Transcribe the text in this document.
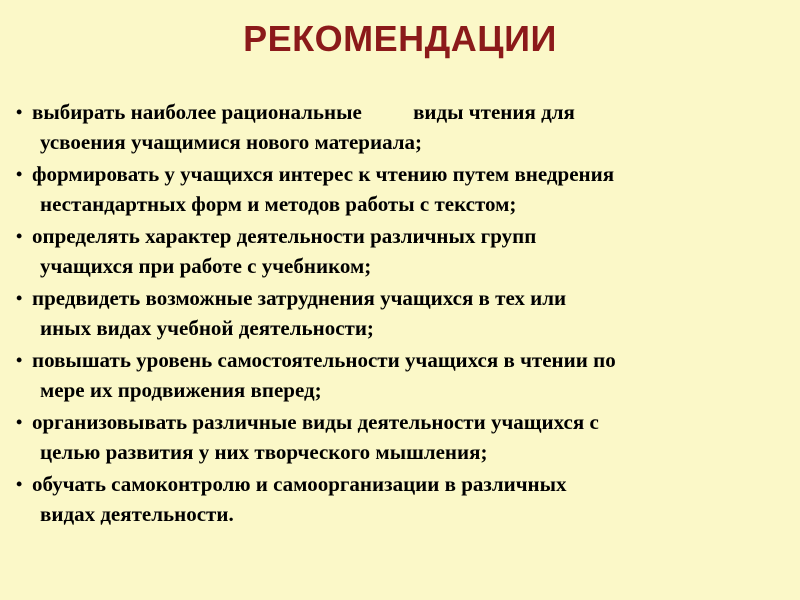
РЕКОМЕНДАЦИИ
• выбирать наиболее рациональные виды чтения для
усвоения учащимися нового материала;
• формировать у учащихся интерес к чтению путем внедрения
нестандартных форм и методов работы с текстом;
• определять характер деятельности различных групп
учащихся при работе с учебником;
• предвидеть возможные затруднения учащихся в тех или
иных видах учебной деятельности;
• повышать уровень самостоятельности учащихся в чтении по
мере их продвижения вперед;
• организовывать различные виды деятельности учащихся с
целью развития у них творческого мышления;
• обучать самоконтролю и самоорганизации в различных
видах деятельности.
